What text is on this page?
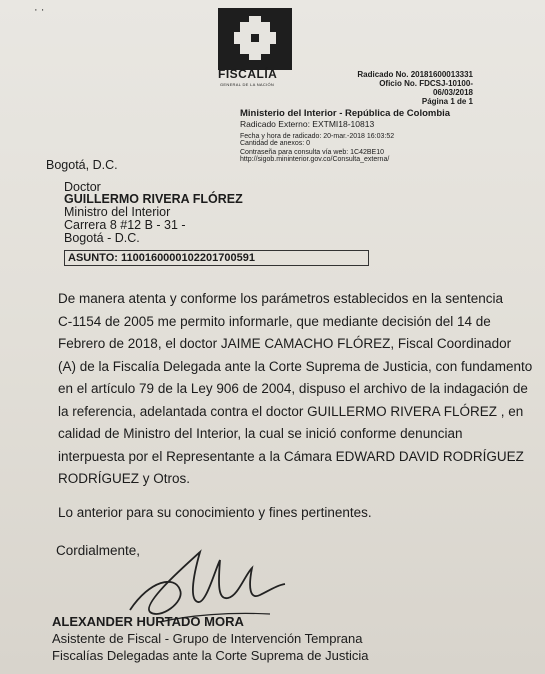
· ·
FISCALÍA
GENERAL DE LA NACIÓN
Radicado No. 20181600013331
Oficio No. FDCSJ-10100-
06/03/2018
Página 1 de 1
Ministerio del Interior - República de Colombia
Radicado Externo: EXTMI18-10813
Fecha y hora de radicado: 20-mar.-2018 16:03:52
Cantidad de anexos: 0
Contraseña para consulta vía web: 1C42BE10
http://sigob.mininterior.gov.co/Consulta_externa/
Bogotá, D.C.
Doctor
GUILLERMO RIVERA FLÓREZ
Ministro del Interior
Carrera 8 #12 B - 31 -
Bogotá - D.C.
ASUNTO: 11001600001022017005​91
De manera atenta y conforme los parámetros establecidos en la sentencia
C-1154 de 2005 me permito informarle, que mediante decisión del 14 de
Febrero de 2018, el doctor JAIME CAMACHO FLÓREZ, Fiscal Coordinador
(A) de la Fiscalía Delegada ante la Corte Suprema de Justicia, con fundamento
en el artículo 79 de la Ley 906 de 2004, dispuso el archivo de la indagación de
la referencia, adelantada contra el doctor GUILLERMO RIVERA FLÓREZ , en
calidad de Ministro del Interior, la cual se inició conforme denuncian
interpuesta por el Representante a la Cámara EDWARD DAVID RODRÍGUEZ
RODRÍGUEZ y Otros.
Lo anterior para su conocimiento y fines pertinentes.
Cordialmente,
ALEXANDER HURTADO MORA
Asistente de Fiscal - Grupo de Intervención Temprana
Fiscalías Delegadas ante la Corte Suprema de Justicia
